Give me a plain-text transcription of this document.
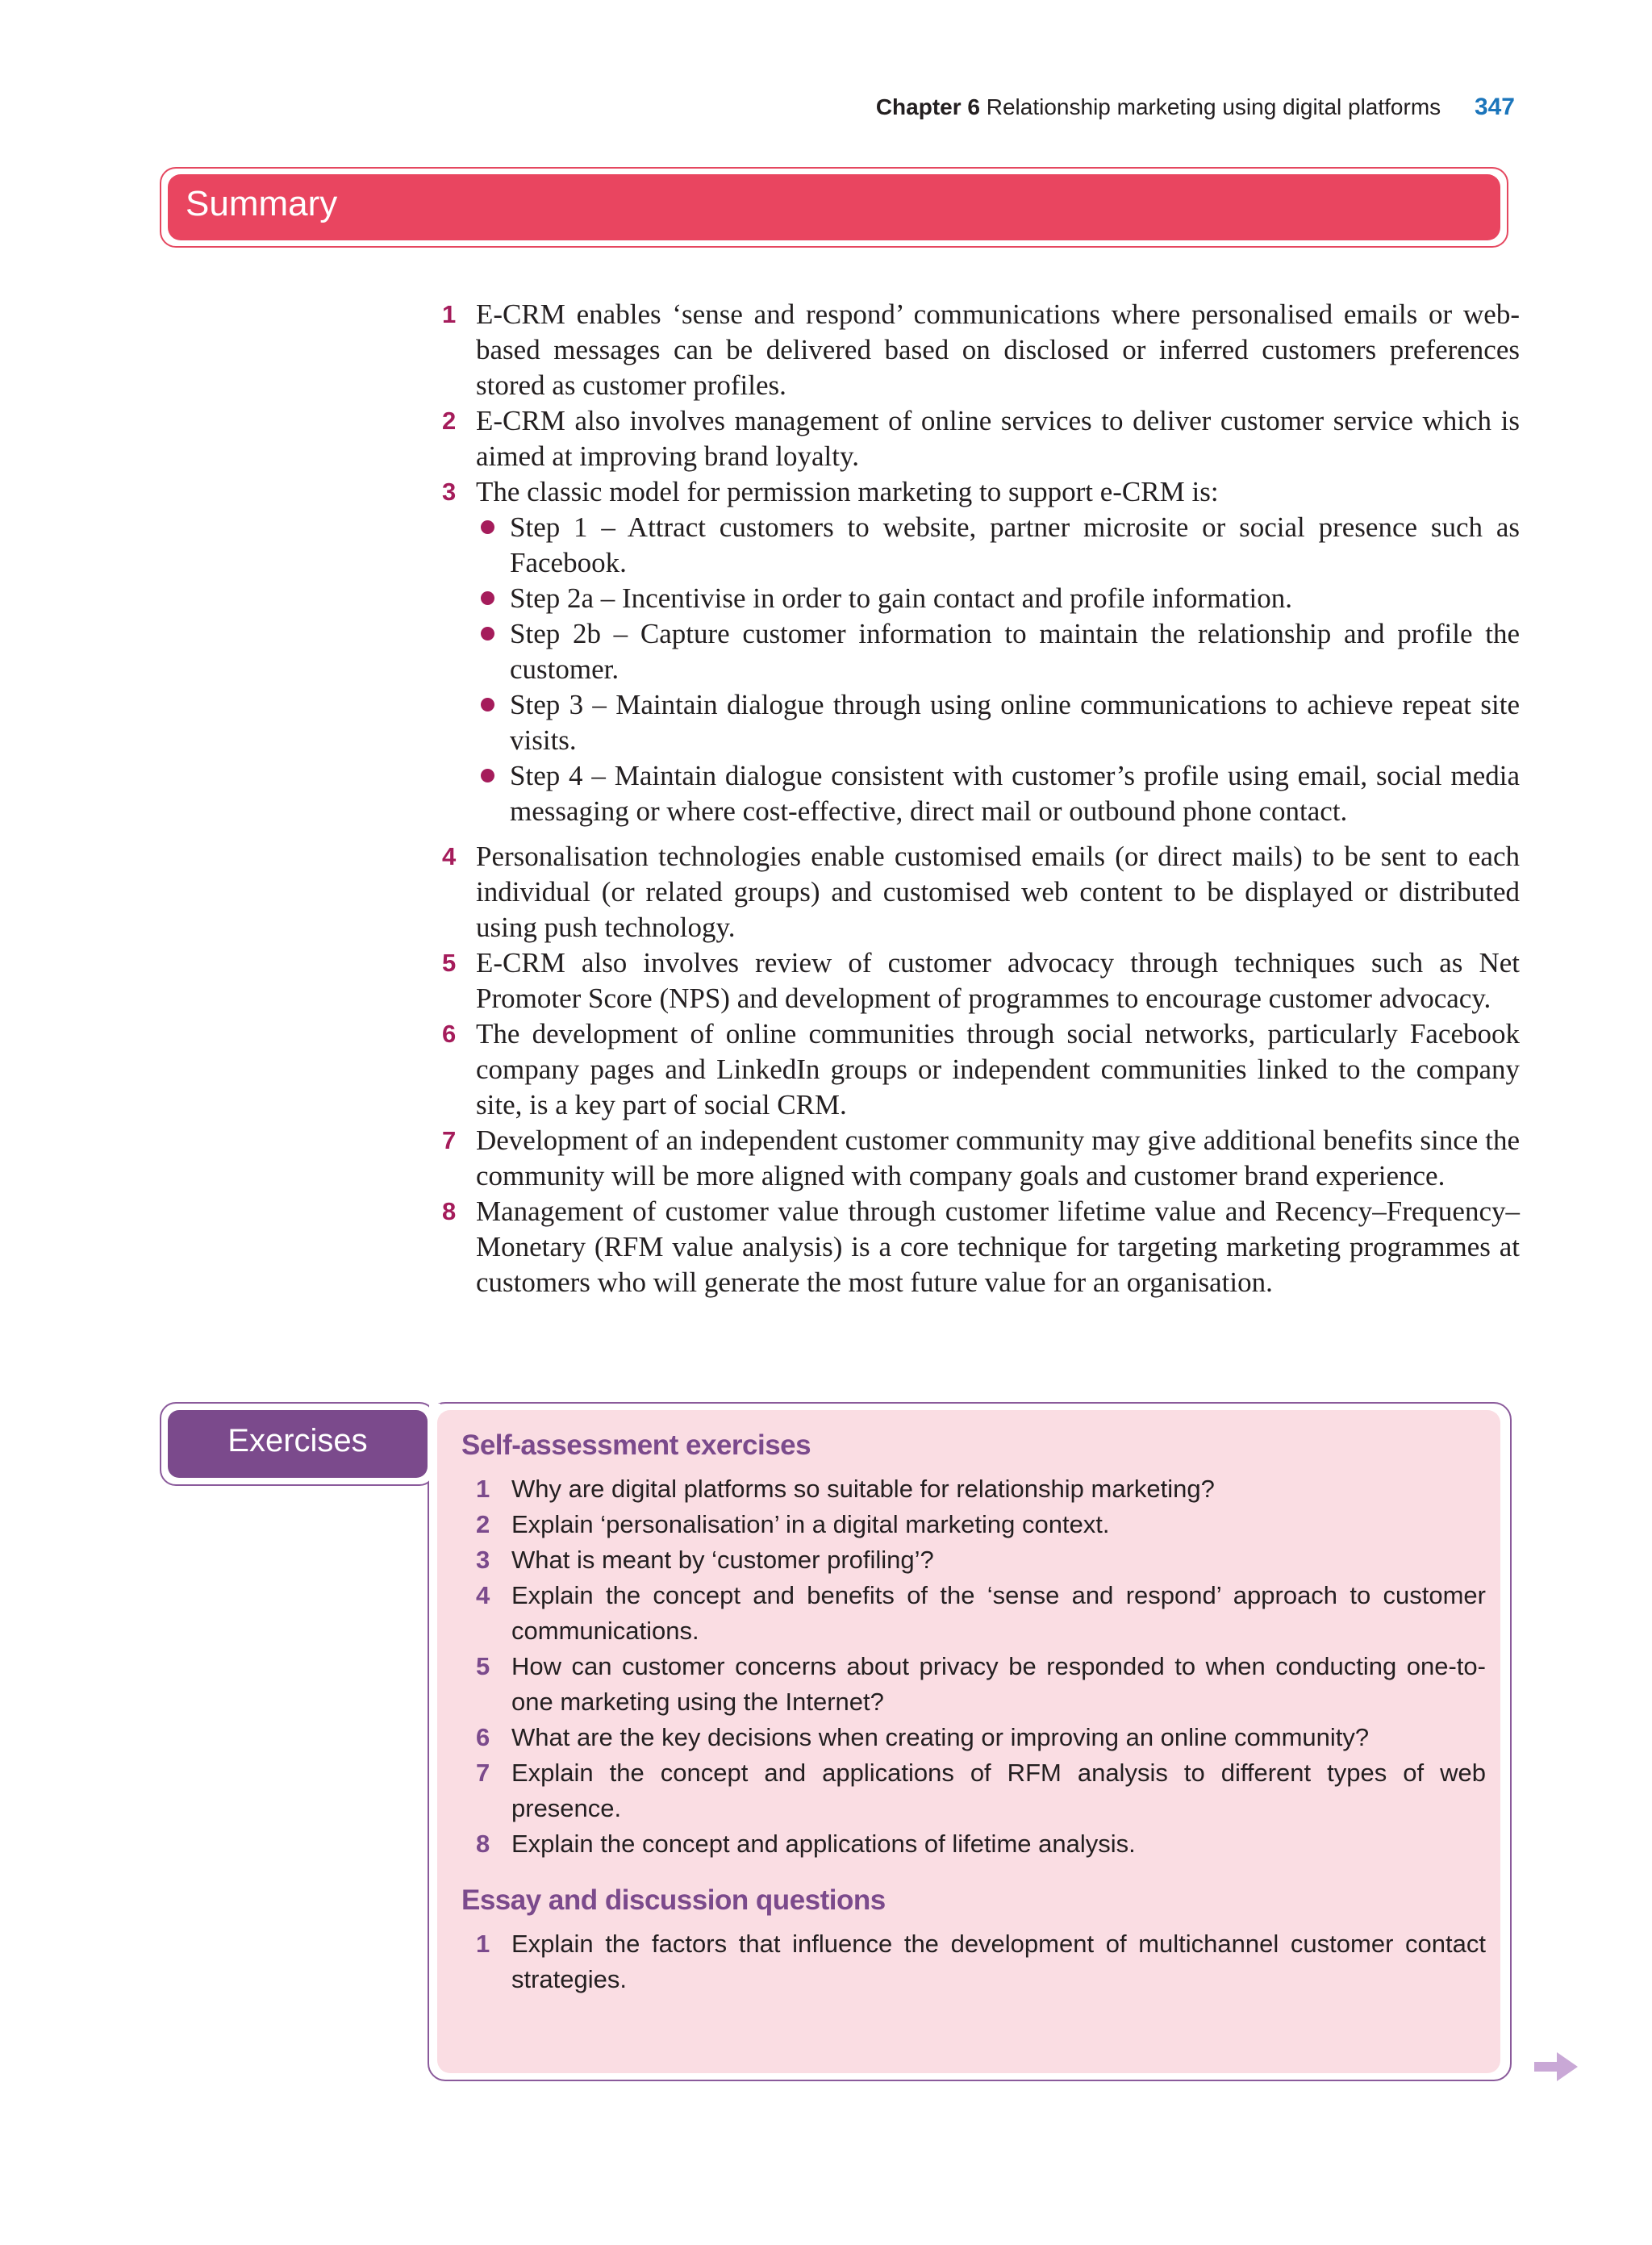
Chapter 6 Relationship marketing using digital platforms 347
Summary
1 E-CRM enables ‘sense and respond’ communications where personalised emails or web-based messages can be delivered based on disclosed or inferred customers preferences stored as customer profiles.
2 E-CRM also involves management of online services to deliver customer service which is aimed at improving brand loyalty.
3 The classic model for permission marketing to support e-CRM is:
Step 1 – Attract customers to website, partner microsite or social presence such as Facebook.
Step 2a – Incentivise in order to gain contact and profile information.
Step 2b – Capture customer information to maintain the relationship and profile the customer.
Step 3 – Maintain dialogue through using online communications to achieve repeat site visits.
Step 4 – Maintain dialogue consistent with customer’s profile using email, social media messaging or where cost-effective, direct mail or outbound phone contact.
4 Personalisation technologies enable customised emails (or direct mails) to be sent to each individual (or related groups) and customised web content to be displayed or distributed using push technology.
5 E-CRM also involves review of customer advocacy through techniques such as Net Promoter Score (NPS) and development of programmes to encourage customer advocacy.
6 The development of online communities through social networks, particularly Facebook company pages and LinkedIn groups or independent communities linked to the company site, is a key part of social CRM.
7 Development of an independent customer community may give additional benefits since the community will be more aligned with company goals and customer brand experience.
8 Management of customer value through customer lifetime value and Recency–Frequency–Monetary (RFM value analysis) is a core technique for targeting marketing programmes at customers who will generate the most future value for an organisation.
Exercises	Self-assessment exercises
1 Why are digital platforms so suitable for relationship marketing?
2 Explain ‘personalisation’ in a digital marketing context.
3 What is meant by ‘customer profiling’?
4 Explain the concept and benefits of the ‘sense and respond’ approach to customer communications.
5 How can customer concerns about privacy be responded to when conducting one-to-one marketing using the Internet?
6 What are the key decisions when creating or improving an online community?
7 Explain the concept and applications of RFM analysis to different types of web presence.
8 Explain the concept and applications of lifetime analysis.
Essay and discussion questions
1 Explain the factors that influence the development of multichannel customer contact strategies.
